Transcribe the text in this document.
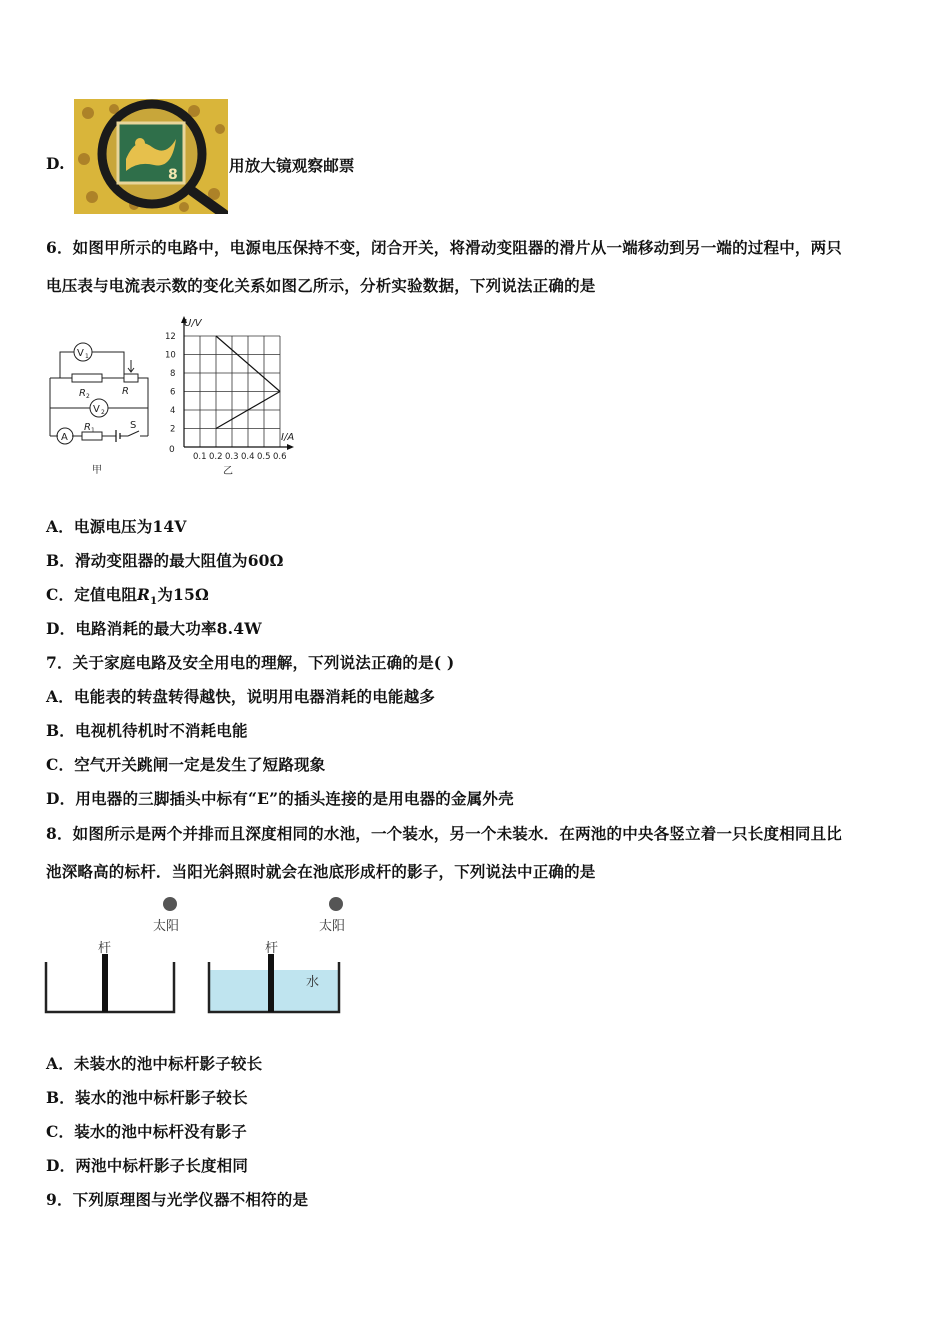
D.
8	用放大镜观察邮票
6．如图甲所示的电路中，电源电压保持不变，闭合开关，将滑动变阻器的滑片从一端移动到另一端的过程中，两只
电压表与电流表示数的变化关系如图乙所示，分析实验数据，下列说法正确的是
V 1
V 2
R 2	R
R 1
A
S
甲
0.1 0.2 0.3 0.4 0.5 0.6
2
4
6
8
10
12
U/V
I/A
0
乙
A．电源电压为14V
B．滑动变阻器的最大阻值为60Ω
C．定值电阻$R_1$为15Ω
D．电路消耗的最大功率8.4W
7．关于家庭电路及安全用电的理解，下列说法正确的是( )
A．电能表的转盘转得越快，说明用电器消耗的电能越多
B．电视机待机时不消耗电能
C．空气开关跳闸一定是发生了短路现象
D．用电器的三脚插头中标有“E”的插头连接的是用电器的金属外壳
8．如图所示是两个并排而且深度相同的水池，一个装水，另一个未装水．在两池的中央各竖立着一只长度相同且比
池深略高的标杆．当阳光斜照时就会在池底形成杆的影子，下列说法中正确的是
太阳	太阳
杆	杆
水
A．未装水的池中标杆影子较长
B．装水的池中标杆影子较长
C．装水的池中标杆没有影子
D．两池中标杆影子长度相同
9．下列原理图与光学仪器不相符的是
